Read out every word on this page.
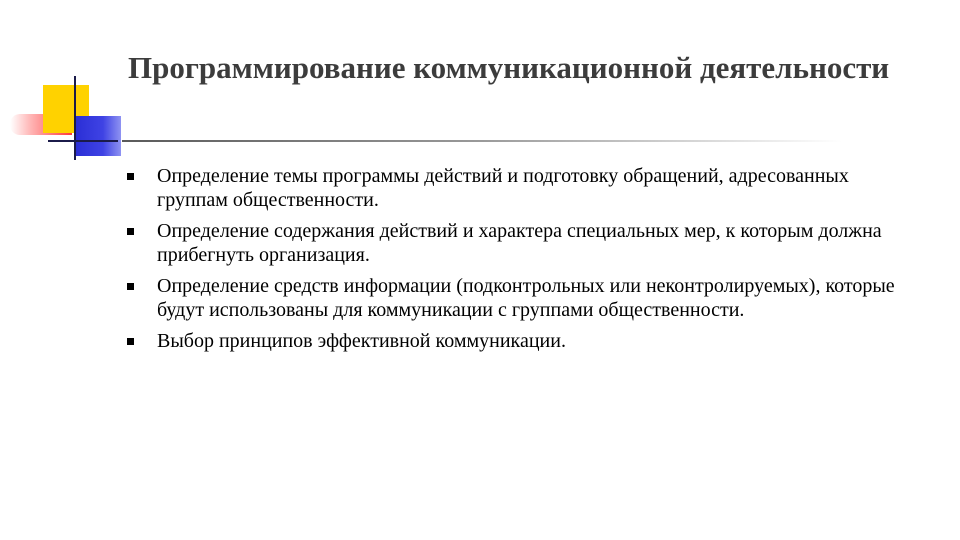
Программирование коммуникационной деятельности
Определение темы программы действий и подготовку обращений, адресованных группам общественности.
Определение содержания действий и характера специальных мер, к которым должна прибегнуть организация.
Определение средств информации (подконтрольных или неконтролируемых), которые будут использованы для коммуникации с группами общественности.
Выбор принципов эффективной коммуникации.
